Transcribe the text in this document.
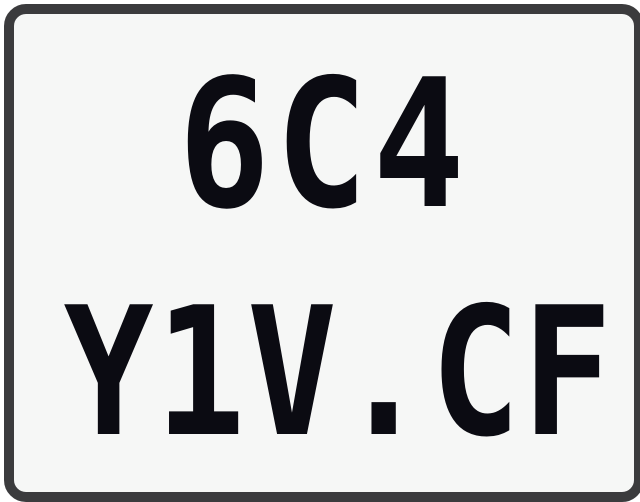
6C4
Y1V.CF
